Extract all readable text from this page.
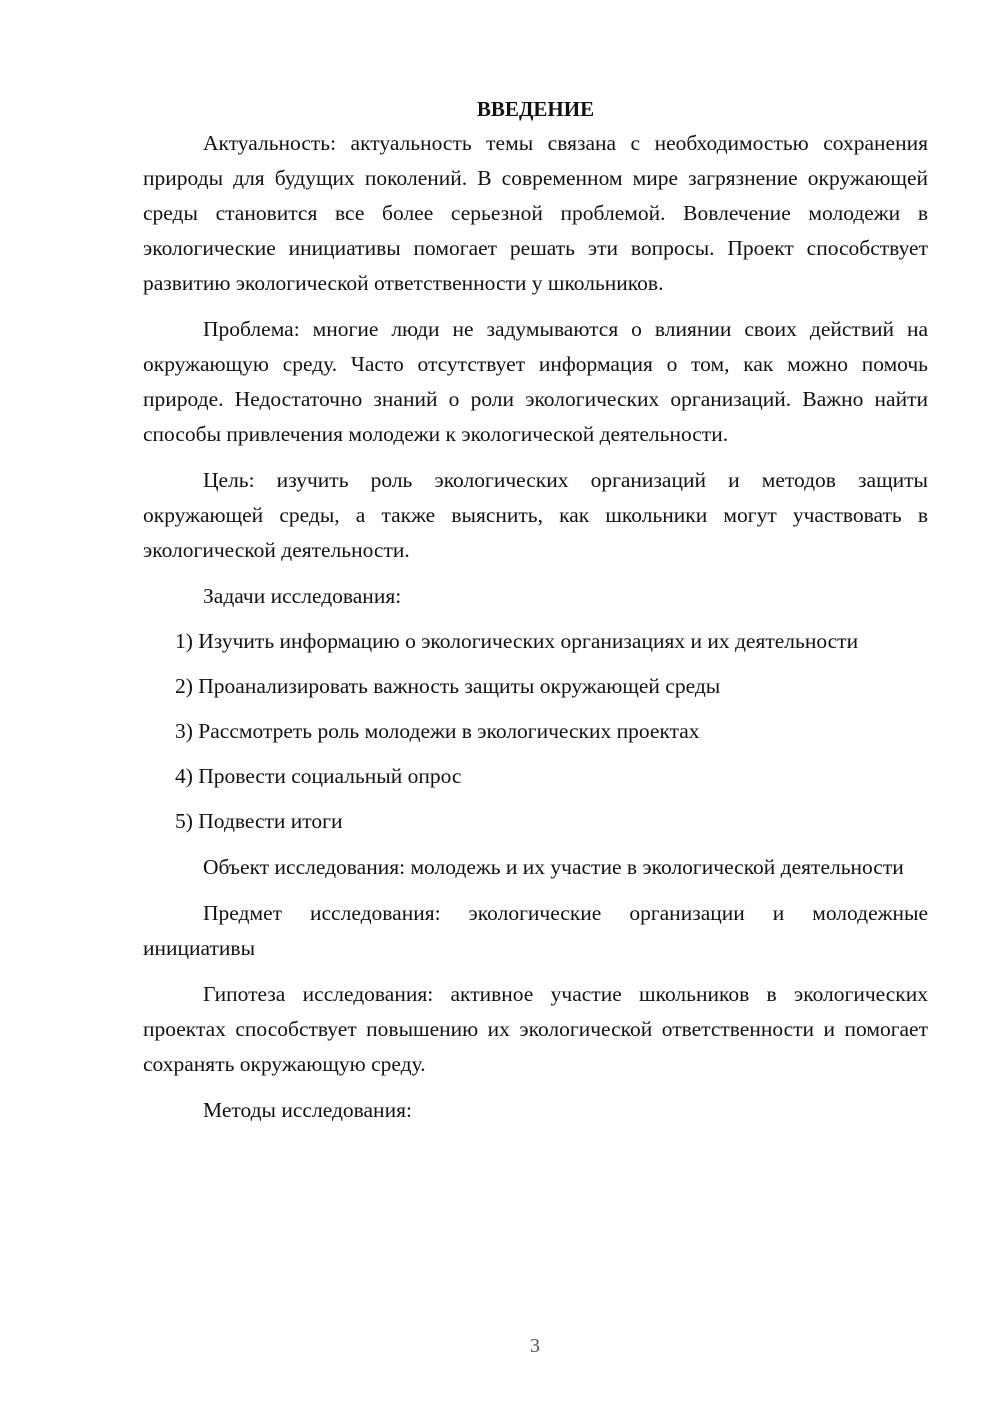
ВВЕДЕНИЕ

Актуальность: актуальность темы связана с необходимостью сохранения природы для будущих поколений. В современном мире загрязнение окружающей среды становится все более серьезной проблемой. Вовлечение молодежи в экологические инициативы помогает решать эти вопросы. Проект способствует развитию экологической ответственности у школьников.

Проблема: многие люди не задумываются о влиянии своих действий на окружающую среду. Часто отсутствует информация о том, как можно помочь природе. Недостаточно знаний о роли экологических организаций. Важно найти способы привлечения молодежи к экологической деятельности.

Цель: изучить роль экологических организаций и методов защиты окружающей среды, а также выяснить, как школьники могут участвовать в экологической деятельности.

Задачи исследования:

1) Изучить информацию о экологических организациях и их деятельности

2) Проанализировать важность защиты окружающей среды

3) Рассмотреть роль молодежи в экологических проектах

4) Провести социальный опрос

5) Подвести итоги

Объект исследования: молодежь и их участие в экологической деятельности

Предмет исследования: экологические организации и молодежные инициативы

Гипотеза исследования: активное участие школьников в экологических проектах способствует повышению их экологической ответственности и помогает сохранять окружающую среду.

Методы исследования:

3
